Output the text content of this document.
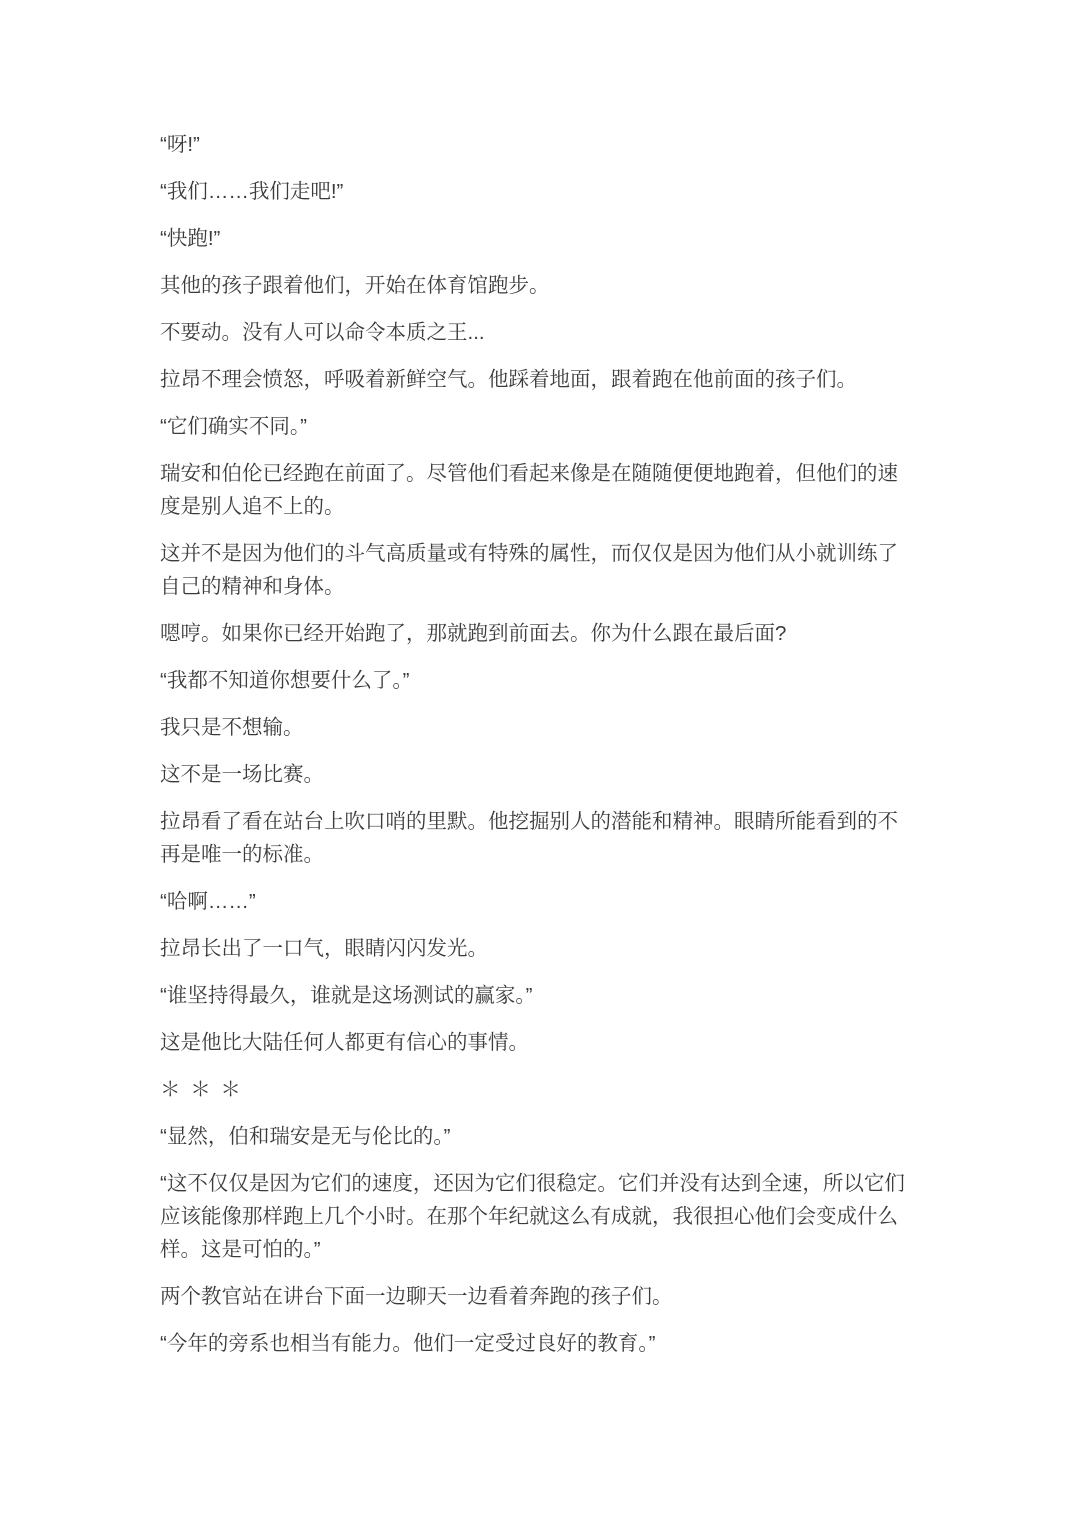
“呀!”

“我们……我们走吧!”

“快跑!”

其他的孩子跟着他们，开始在体育馆跑步。

不要动。没有人可以命令本质之王...

拉昂不理会愤怒，呼吸着新鲜空气。他踩着地面，跟着跑在他前面的孩子们。

“它们确实不同。”

瑞安和伯伦已经跑在前面了。尽管他们看起来像是在随随便便地跑着，但他们的速度是别人追不上的。

这并不是因为他们的斗气高质量或有特殊的属性，而仅仅是因为他们从小就训练了自己的精神和身体。

嗯哼。如果你已经开始跑了，那就跑到前面去。你为什么跟在最后面?

“我都不知道你想要什么了。”

我只是不想输。

这不是一场比赛。

拉昂看了看在站台上吹口哨的里默。他挖掘别人的潜能和精神。眼睛所能看到的不再是唯一的标准。

“哈啊……”

拉昂长出了一口气，眼睛闪闪发光。

“谁坚持得最久，谁就是这场测试的赢家。”

这是他比大陆任何人都更有信心的事情。

＊ ＊ ＊

“显然，伯和瑞安是无与伦比的。”

“这不仅仅是因为它们的速度，还因为它们很稳定。它们并没有达到全速，所以它们应该能像那样跑上几个小时。在那个年纪就这么有成就，我很担心他们会变成什么样。这是可怕的。”

两个教官站在讲台下面一边聊天一边看着奔跑的孩子们。

“今年的旁系也相当有能力。他们一定受过良好的教育。”
